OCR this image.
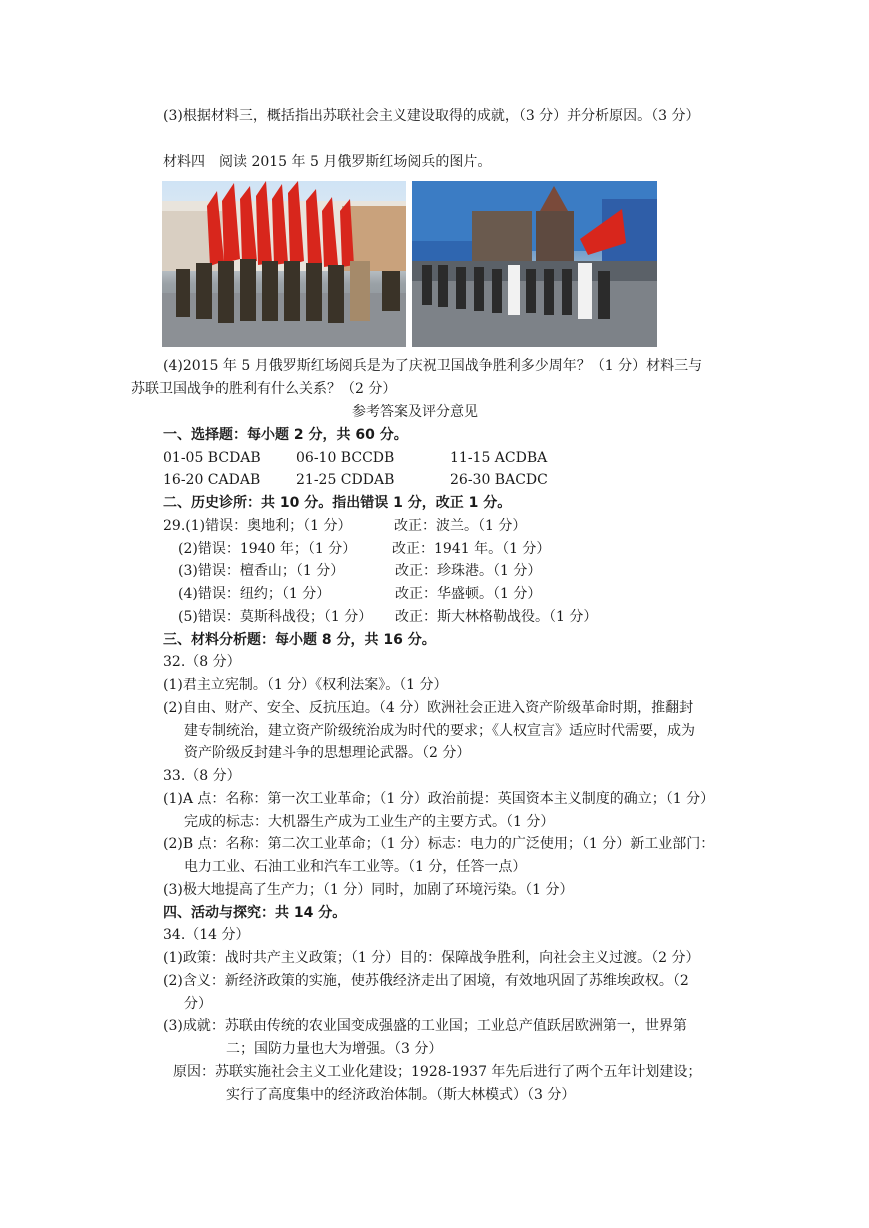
(3)根据材料三，概括指出苏联社会主义建设取得的成就，（3 分）并分析原因。（3 分）
材料四　阅读 2015 年 5 月俄罗斯红场阅兵的图片。
(4)2015 年 5 月俄罗斯红场阅兵是为了庆祝卫国战争胜利多少周年？（1 分）材料三与
苏联卫国战争的胜利有什么关系？（2 分）
参考答案及评分意见
一、选择题：每小题 2 分，共 60 分。
01-05 BCDAB	06-10 BCCDB	11-15 ACDBA
16-20 CADAB	21-25 CDDAB	26-30 BACDC
二、历史诊所：共 10 分。指出错误 1 分，改正 1 分。
29.(1)错误：奥地利；（1 分）	改正：波兰。（1 分）
(2)错误：1940 年；（1 分）	改正：1941 年。（1 分）
(3)错误：檀香山；（1 分）	改正：珍珠港。（1 分）
(4)错误：纽约；（1 分）	改正：华盛顿。（1 分）
(5)错误：莫斯科战役；（1 分） 改正：斯大林格勒战役。（1 分）
三、材料分析题：每小题 8 分，共 16 分。
32.（8 分）
(1)君主立宪制。（1 分）《权利法案》。（1 分）
(2)自由、财产、安全、反抗压迫。（4 分）欧洲社会正进入资产阶级革命时期，推翻封
建专制统治，建立资产阶级统治成为时代的要求；《人权宣言》适应时代需要，成为
资产阶级反封建斗争的思想理论武器。（2 分）
33.（8 分）
(1)A 点：名称：第一次工业革命；（1 分）政治前提：英国资本主义制度的确立；（1 分）
完成的标志：大机器生产成为工业生产的主要方式。（1 分）
(2)B 点：名称：第二次工业革命；（1 分）标志：电力的广泛使用；（1 分）新工业部门：
电力工业、石油工业和汽车工业等。（1 分，任答一点）
(3)极大地提高了生产力；（1 分）同时，加剧了环境污染。（1 分）
四、活动与探究：共 14 分。
34.（14 分）
(1)政策：战时共产主义政策；（1 分）目的：保障战争胜利，向社会主义过渡。（2 分）
(2)含义：新经济政策的实施，使苏俄经济走出了困境，有效地巩固了苏维埃政权。（2
分）
(3)成就：苏联由传统的农业国变成强盛的工业国；工业总产值跃居欧洲第一，世界第
二；国防力量也大为增强。（3 分）
原因：苏联实施社会主义工业化建设；1928-1937 年先后进行了两个五年计划建设；
实行了高度集中的经济政治体制。（斯大林模式）（3 分）
